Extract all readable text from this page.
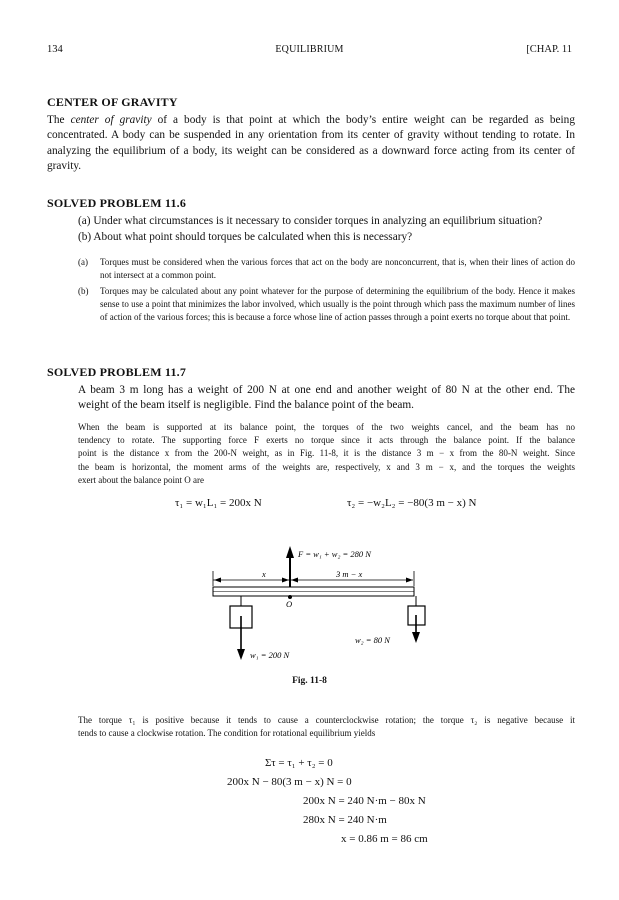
134	EQUILIBRIUM	[CHAP. 11
CENTER OF GRAVITY
The center of gravity of a body is that point at which the body’s entire weight can be regarded as being
concentrated. A body can be suspended in any orientation from its center of gravity without tending to rotate. In
analyzing the equilibrium of a body, its weight can be considered as a downward force acting from its center of
gravity.
SOLVED PROBLEM 11.6
(a) Under what circumstances is it necessary to consider torques in analyzing an equilibrium situation?
(b) About what point should torques be calculated when this is necessary?
(a) Torques must be considered when the various forces that act on the body are nonconcurrent, that is, when their lines of action do not intersect at a common point.
(b) Torques may be calculated about any point whatever for the purpose of determining the equilibrium of the body. Hence it makes sense to use a point that minimizes the labor involved, which usually is the point through which pass the maximum number of lines of action of the various forces; this is because a force whose line of action passes through a point exerts no torque about that point.
SOLVED PROBLEM 11.7
A beam 3 m long has a weight of 200 N at one end and another weight of 80 N at the other end. The
weight of the beam itself is negligible. Find the balance point of the beam.
When the beam is supported at its balance point, the torques of the two weights cancel, and the beam has no
tendency to rotate. The supporting force F exerts no torque since it acts through the balance point. If the balance
point is the distance x from the 200-N weight, as in Fig. 11-8, it is the distance 3 m − x from the 80-N weight. Since
the beam is horizontal, the moment arms of the weights are, respectively, x and 3 m − x, and the torques the weights
exert about the balance point O are
τ₁ = w₁L₁ = 200x N	τ₂ = −w₂L₂ = −80(3 m − x) N
F = w₁ + w₂ = 280 N
x	3 m − x
O
w₁ = 200 N
w₂ = 80 N
Fig. 11-8
The torque τ₁ is positive because it tends to cause a counterclockwise rotation; the torque τ₂ is negative because it
tends to cause a clockwise rotation. The condition for rotational equilibrium yields
Στ = τ₁ + τ₂ = 0
200x N − 80(3 m − x) N = 0
200x N = 240 N·m − 80x N
280x N = 240 N·m
x = 0.86 m = 86 cm
